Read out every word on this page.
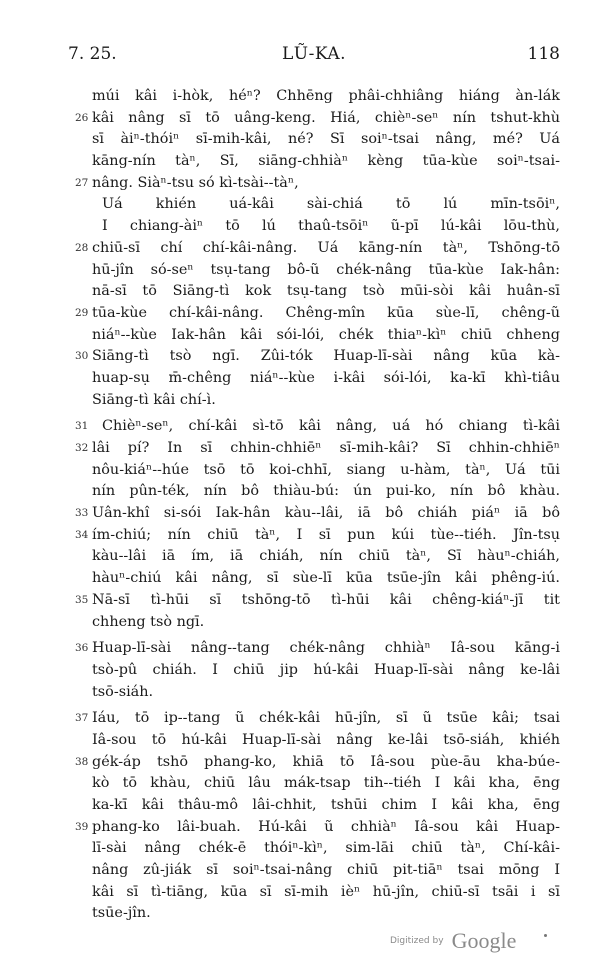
7. 25.	LŨ-KA.	118
múi kâi i-hòk, héⁿ? Chhēng phâi-chhiâng hiáng àn-lák
26 kâi nâng sī tō uâng-keng. Hiá, chièⁿ-seⁿ nín tshut-khù
sī àiⁿ-thóiⁿ sī-mih-kâi, né? Sī soiⁿ-tsai nâng, mé? Uá
kāng-nín tàⁿ, Sī, siāng-chhiàⁿ kèng tūa-kùe soiⁿ-tsai-
27 nâng. Siàⁿ-tsu só kì-tsài--tàⁿ,
Uá khién uá-kâi sài-chiá tō lú mīn-tsōiⁿ,
I chiang-àiⁿ tō lú thaû-tsōiⁿ ũ-pī lú-kâi lōu-thù,
28 chiū-sī chí chí-kâi-nâng. Uá kāng-nín tàⁿ, Tshōng-tō
hū-jîn só-seⁿ tsụ-tang bô-ũ chék-nâng tūa-kùe Iak-hân:
nā-sī tō Siāng-tì kok tsụ-tang tsò mūi-sòi kâi huân-sī
29 tūa-kùe chí-kâi-nâng. Chêng-mîn kūa sùe-lī, chêng-ũ
niáⁿ--kùe Iak-hân kâi sói-lói, chék thiaⁿ-kìⁿ chiū chheng
30 Siāng-tì tsò ngī. Zûi-tók Huap-lī-sài nâng kūa kà-
huap-sụ m̄-chêng niáⁿ--kùe i-kâi sói-lói, ka-kī khì-tiâu
Siāng-tì kâi chí-ì.
31 Chièⁿ-seⁿ, chí-kâi sì-tō kâi nâng, uá hó chiang tì-kâi
32 lâi pí? In sī chhin-chhiēⁿ sī-mih-kâi? Sī chhin-chhiēⁿ
nôu-kiáⁿ--húe tsō tō koi-chhī, siang u-hàm, tàⁿ, Uá tūi
nín pûn-ték, nín bô thiàu-bú: ún pui-ko, nín bô khàu.
33 Uân-khî si-sói Iak-hân kàu--lâi, iā bô chiáh piáⁿ iā bô
34 ím-chiú; nín chiū tàⁿ, I sī pun kúi tùe--tiéh. Jîn-tsụ
kàu--lâi iā ím, iā chiáh, nín chiū tàⁿ, Sī hàuⁿ-chiáh,
hàuⁿ-chiú kâi nâng, sī sùe-lī kūa tsūe-jîn kâi phêng-iú.
35 Nā-sī tì-hūi sī tshōng-tō tì-hūi kâi chêng-kiáⁿ-jī tit
chheng tsò ngī.
36 Huap-lī-sài nâng--tang chék-nâng chhiàⁿ Iâ-sou kāng-i
tsò-pû chiáh. I chiū jip hú-kâi Huap-lī-sài nâng ke-lâi
tsō-siáh.
37 Iáu, tō ip--tang ũ chék-kâi hū-jîn, sī ũ tsūe kâi; tsai
Iâ-sou tō hú-kâi Huap-lī-sài nâng ke-lâi tsō-siáh, khiéh
38 gék-áp tshō phang-ko, khiā tō Iâ-sou pùe-āu kha-búe-
kò tō khàu, chiū lâu mák-tsap tih--tiéh I kâi kha, ēng
ka-kī kâi thâu-mô lâi-chhit, tshūi chim I kâi kha, ēng
39 phang-ko lâi-buah. Hú-kâi ũ chhiàⁿ Iâ-sou kâi Huap-
lī-sài nâng chék-ē thóiⁿ-kìⁿ, sim-lāi chiū tàⁿ, Chí-kâi-
nâng zû-jiák sī soiⁿ-tsai-nâng chiū pit-tiāⁿ tsai mōng I
kâi sī tì-tiāng, kūa sī sī-mih ièⁿ hū-jîn, chiū-sī tsāi i sī
tsūe-jîn.
Digitized by Google
